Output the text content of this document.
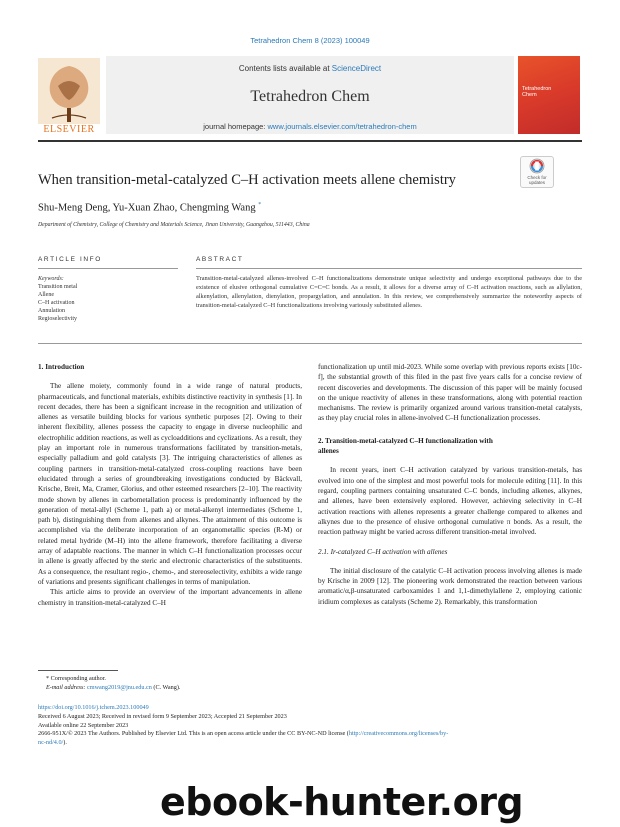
Tetrahedron Chem 8 (2023) 100049
Contents lists available at ScienceDirect
Tetrahedron Chem
journal homepage: www.journals.elsevier.com/tetrahedron-chem
ELSEVIER
Tetrahedron
Chem
When transition-metal-catalyzed C–H activation meets allene chemistry	Check for
updates
Shu-Meng Deng, Yu-Xuan Zhao, Chengming Wang *
Department of Chemistry, College of Chemistry and Materials Science, Jinan University, Guangzhou, 511443, China
ARTICLE INFO	ABSTRACT
Keywords:
Transition metal
Allene
C–H activation
Annulation
Regioselectivity
Transition-metal-catalyzed allenes-involved C–H functionalizations demonstrate unique selectivity and undergo exceptional pathways due to the existence of elusive orthogonal cumulative C=C=C bonds. As a result, it allows for a diverse array of C–H activation reactions, such as allylation, alkenylation, allenylation, dienylation, propargylation, and annulation. In this review, we comprehensively summarize the noteworthy aspects of transition-metal-catalyzed C–H functionalizations involving variously substituted allenes.
1. Introduction

The allene moiety, commonly found in a wide range of natural products, pharmaceuticals, and functional materials, exhibits distinctive reactivity in synthesis [1]. In recent decades, there has been a significant increase in the recognition and utilization of allenes as versatile building blocks for various synthetic purposes [2]. Owing to their inherent flexibility, allenes possess the capacity to engage in diverse nucleophilic and electrophilic addition reactions, as well as cycloadditions and cyclizations. As a result, they play an important role in numerous transformations facilitated by transition-metals, especially palladium and gold catalysts [3]. The intriguing characteristics of allenes as coupling partners in transition-metal-catalyzed cross-coupling reactions have been elucidated through a series of groundbreaking investigations conducted by Bäckvall, Krische, Breit, Ma, Cramer, Glorius, and other esteemed researchers [2–10]. The reactivity mode shown by allenes in carbometallation process is predominantly influenced by the generation of metal-allyl (Scheme 1, path a) or metal-alkenyl intermediates (Scheme 1, path b), distinguishing them from alkenes and alkynes. The attainment of this outcome is accomplished via the deliberate incorporation of an organometallic species (R-M) or related metal hydride (M–H) into the allene framework, therefore facilitating a diverse array of adaptable reactions. The manner in which C–H functionalization processes occur in allene is greatly affected by the steric and electronic characteristics of the substituents. As a consequence, the resultant regio-, chemo-, and stereoselectivity, exhibits a wide range of variations and presents significant challenges in terms of manipulation.

This article aims to provide an overview of the important advancements in allene chemistry in transition-metal-catalyzed C–H

functionalization up until mid-2023. While some overlap with previous reports exists [10c-f], the substantial growth of this filed in the past five years calls for a concise review of recent discoveries and developments. The discussion of this paper will be mainly focused on the unique reactivity of allenes in these transformations, along with potential reaction mechanisms. The review is primarily organized around various transition-metal catalysts, as they play crucial roles in allene-involved C–H functionalization processes.

2. Transition-metal-catalyzed C–H functionalization with
allenes

In recent years, inert C–H activation catalyzed by various transition-metals, has evolved into one of the simplest and most powerful tools for molecule editing [11]. In this regard, coupling partners containing unsaturated C–C bonds, including alkenes, alkynes, and allenes, have been extensively explored. However, achieving selectivity in C–H activation reactions with allenes represents a greater challenge compared to alkenes and alkynes due to the presence of elusive orthogonal cumulative π bonds. As a result, the reaction pathway might be varied across different transition-metal involved.

2.1. Ir-catalyzed C–H activation with allenes

The initial disclosure of the catalytic C–H activation process involving allenes is made by Krische in 2009 [12]. The pioneering work demonstrated the reaction between various aromatic/α,β-unsaturated carboxamides 1 and 1,1-dimethylallene 2, employing cationic iridium complexes as catalysts (Scheme 2). Remarkably, this transformation

* Corresponding author.
E-mail address: cmwang2019@jnu.edu.cn (C. Wang).
https://doi.org/10.1016/j.tchem.2023.100049
Received 6 August 2023; Received in revised form 9 September 2023; Accepted 21 September 2023
Available online 22 September 2023
2666-951X/© 2023 The Authors. Published by Elsevier Ltd. This is an open access article under the CC BY-NC-ND license (http://creativecommons.org/licenses/by-
nc-nd/4.0/).
ebook-hunter.org
